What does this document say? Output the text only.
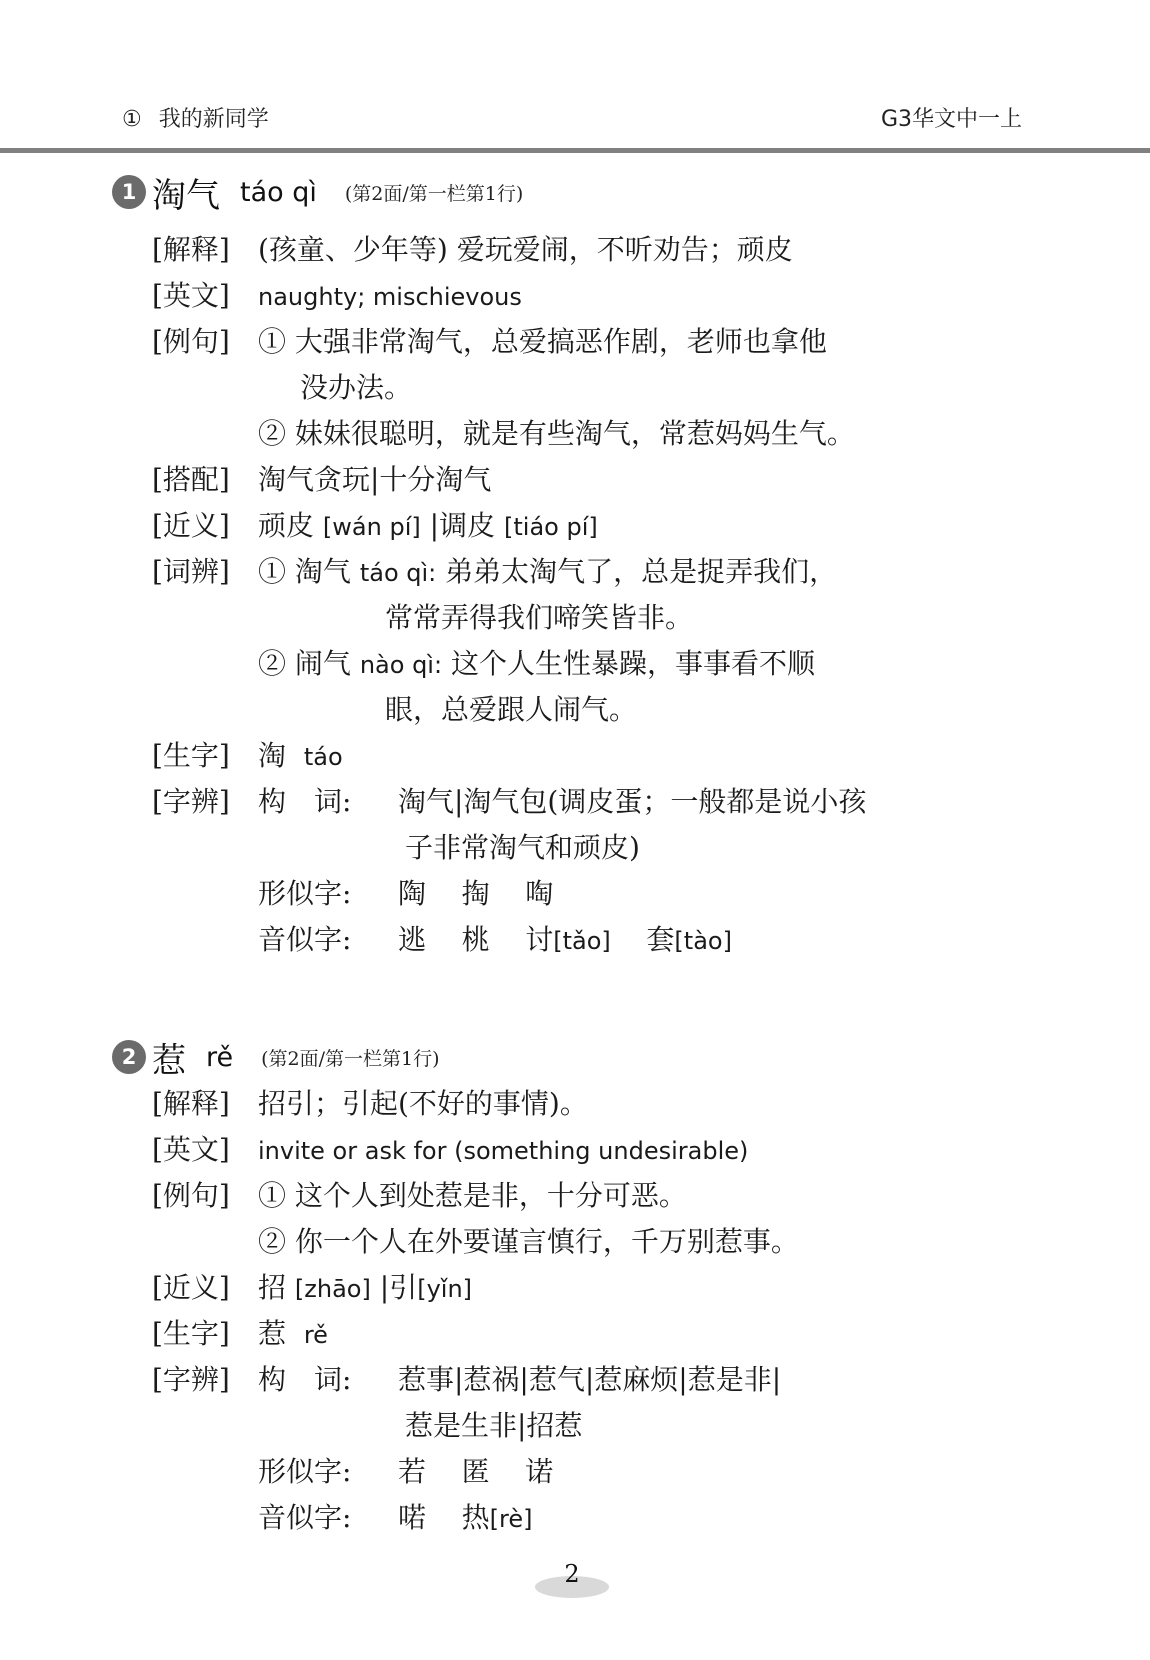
① 我的新同学	G3华文中一上
1 淘气 táo qì (第2面/第一栏第1行)
[解释] (孩童、少年等) 爱玩爱闹，不听劝告；顽皮
[英文] naughty; mischievous
[例句] ① 大强非常淘气，总爱搞恶作剧，老师也拿他
没办法。
② 妹妹很聪明，就是有些淘气，常惹妈妈生气。
[搭配] 淘气贪玩|十分淘气
[近义] 顽皮 [wán pí] |调皮 [tiáo pí]
[词辨] ① 淘气 táo qì: 弟弟太淘气了，总是捉弄我们，
常常弄得我们啼笑皆非。
② 闹气 nào qì: 这个人生性暴躁，事事看不顺
眼，总爱跟人闹气。
[生字] 淘 táo
[字辨] 构　词: 淘气|淘气包(调皮蛋；一般都是说小孩
子非常淘气和顽皮)
形似字: 陶 掏 啕
音似字: 逃 桃 讨[tǎo] 套[tào]
2 惹 rě (第2面/第一栏第1行)
[解释] 招引；引起(不好的事情)。
[英文] invite or ask for (something undesirable)
[例句] ① 这个人到处惹是非，十分可恶。
② 你一个人在外要谨言慎行，千万别惹事。
[近义] 招 [zhāo] |引[yǐn]
[生字] 惹 rě
[字辨] 构　词: 惹事|惹祸|惹气|惹麻烦|惹是非|
惹是生非|招惹
形似字: 若 匿 诺
音似字: 喏 热[rè]
2
